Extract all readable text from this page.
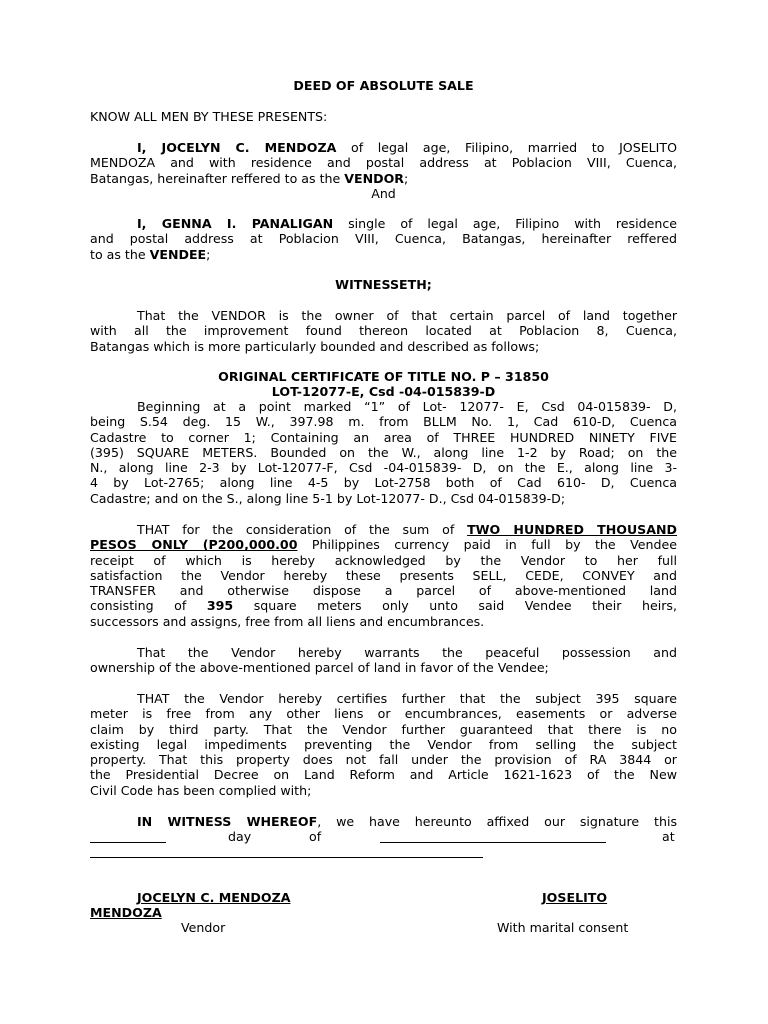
DEED OF ABSOLUTE SALE
KNOW ALL MEN BY THESE PRESENTS:
I, JOCELYN C. MENDOZA of legal age, Filipino, married to JOSELITO
MENDOZA and with residence and postal address at Poblacion VIII, Cuenca,
Batangas, hereinafter reffered to as the VENDOR;
And
I, GENNA I. PANALIGAN single of legal age, Filipino with residence
and postal address at Poblacion VIII, Cuenca, Batangas, hereinafter reffered
to as the VENDEE;
WITNESSETH;
That the VENDOR is the owner of that certain parcel of land together
with all the improvement found thereon located at Poblacion 8, Cuenca,
Batangas which is more particularly bounded and described as follows;
ORIGINAL CERTIFICATE OF TITLE NO. P – 31850
LOT-12077-E, Csd -04-015839-D
Beginning at a point marked “1” of Lot- 12077- E, Csd 04-015839- D,
being S.54 deg. 15 W., 397.98 m. from BLLM No. 1, Cad 610-D, Cuenca
Cadastre to corner 1; Containing an area of THREE HUNDRED NINETY FIVE
(395) SQUARE METERS. Bounded on the W., along line 1-2 by Road; on the
N., along line 2-3 by Lot-12077-F, Csd -04-015839- D, on the E., along line 3-
4 by Lot-2765; along line 4-5 by Lot-2758 both of Cad 610- D, Cuenca
Cadastre; and on the S., along line 5-1 by Lot-12077- D., Csd 04-015839-D;
THAT for the consideration of the sum of TWO HUNDRED THOUSAND
PESOS ONLY (P200,000.00 Philippines currency paid in full by the Vendee
receipt of which is hereby acknowledged by the Vendor to her full
satisfaction the Vendor hereby these presents SELL, CEDE, CONVEY and
TRANSFER and otherwise dispose a parcel of above-mentioned land
consisting of 395 square meters only unto said Vendee their heirs,
successors and assigns, free from all liens and encumbrances.
That the Vendor hereby warrants the peaceful possession and
ownership of the above-mentioned parcel of land in favor of the Vendee;
THAT the Vendor hereby certifies further that the subject 395 square
meter is free from any other liens or encumbrances, easements or adverse
claim by third party. That the Vendor further guaranteed that there is no
existing legal impediments preventing the Vendor from selling the subject
property. That this property does not fall under the provision of RA 3844 or
the Presidential Decree on Land Reform and Article 1621-1623 of the New
Civil Code has been complied with;
IN WITNESS WHEREOF, we have hereunto affixed our signature this
day	of	at
JOCELYN C. MENDOZA	JOSELITO
MENDOZA
Vendor	With marital consent
